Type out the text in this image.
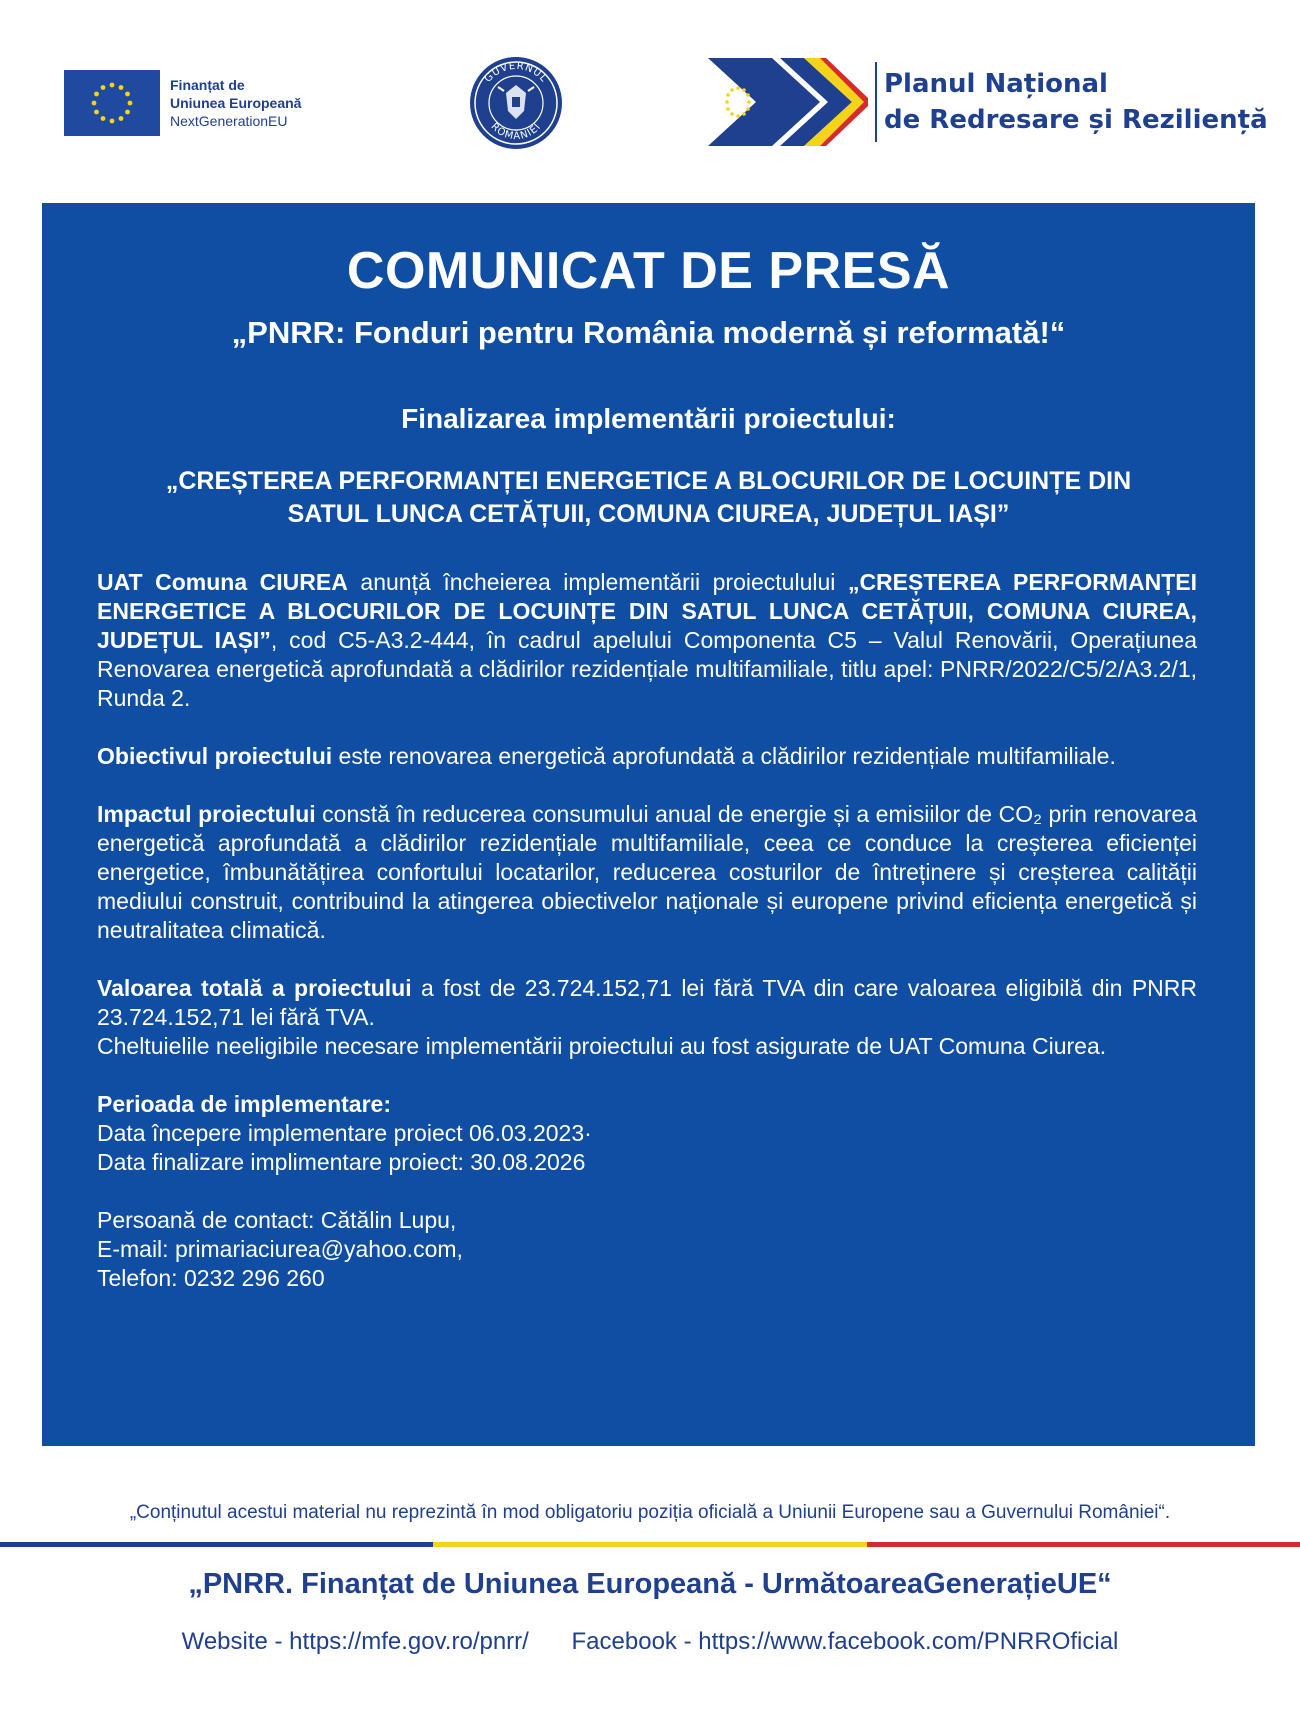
Finanțat de
Uniunea Europeană
NextGenerationEU
GUVERNUL
ROMÂNIEI
Planul Național
de Redresare și Reziliență
COMUNICAT DE PRESĂ
„PNRR: Fonduri pentru România modernă și reformată!“
Finalizarea implementării proiectului:
„CREȘTEREA PERFORMANȚEI ENERGETICE A BLOCURILOR DE LOCUINȚE DIN
SATUL LUNCA CETĂȚUII, COMUNA CIUREA, JUDEȚUL IAȘI”

UAT Comuna CIUREA anunță încheierea implementării proiectulului „CREȘTEREA PERFORMANȚEI ENERGETICE A BLOCURILOR DE LOCUINȚE DIN SATUL LUNCA CETĂȚUII, COMUNA CIUREA, JUDEȚUL IAȘI”, cod C5-A3.2-444, în cadrul apelului Componenta C5 – Valul Renovării, Operațiunea Renovarea energetică aprofundată a clădirilor rezidențiale multifamiliale, titlu apel: PNRR/2022/C5/2/A3.2/1, Runda 2.

Obiectivul proiectului este renovarea energetică aprofundată a clădirilor rezidențiale multifamiliale.

Impactul proiectului constă în reducerea consumului anual de energie și a emisiilor de CO₂ prin renovarea energetică aprofundată a clădirilor rezidențiale multifamiliale, ceea ce conduce la creșterea eficienței energetice, îmbunătățirea confortului locatarilor, reducerea costurilor de întreținere și creșterea calității mediului construit, contribuind la atingerea obiectivelor naționale și europene privind eficiența energetică și neutralitatea climatică.

Valoarea totală a proiectului a fost de 23.724.152,71 lei fără TVA din care valoarea eligibilă din PNRR 23.724.152,71 lei fără TVA.

Cheltuielile neeligibile necesare implementării proiectului au fost asigurate de UAT Comuna Ciurea.

Perioada de implementare:

Data începere implementare proiect 06.03.2023·

Data finalizare implimentare proiect: 30.08.2026

Persoană de contact: Cătălin Lupu,

E-mail: primariaciurea@yahoo.com,

Telefon: 0232 296 260

„Conținutul acestui material nu reprezintă în mod obligatoriu poziția oficială a Uniunii Europene sau a Guvernului României“.
„PNRR. Finanțat de Uniunea Europeană - UrmătoareaGenerațieUE“
Website - https://mfe.gov.ro/pnrr/ Facebook - https://www.facebook.com/PNRROficial
